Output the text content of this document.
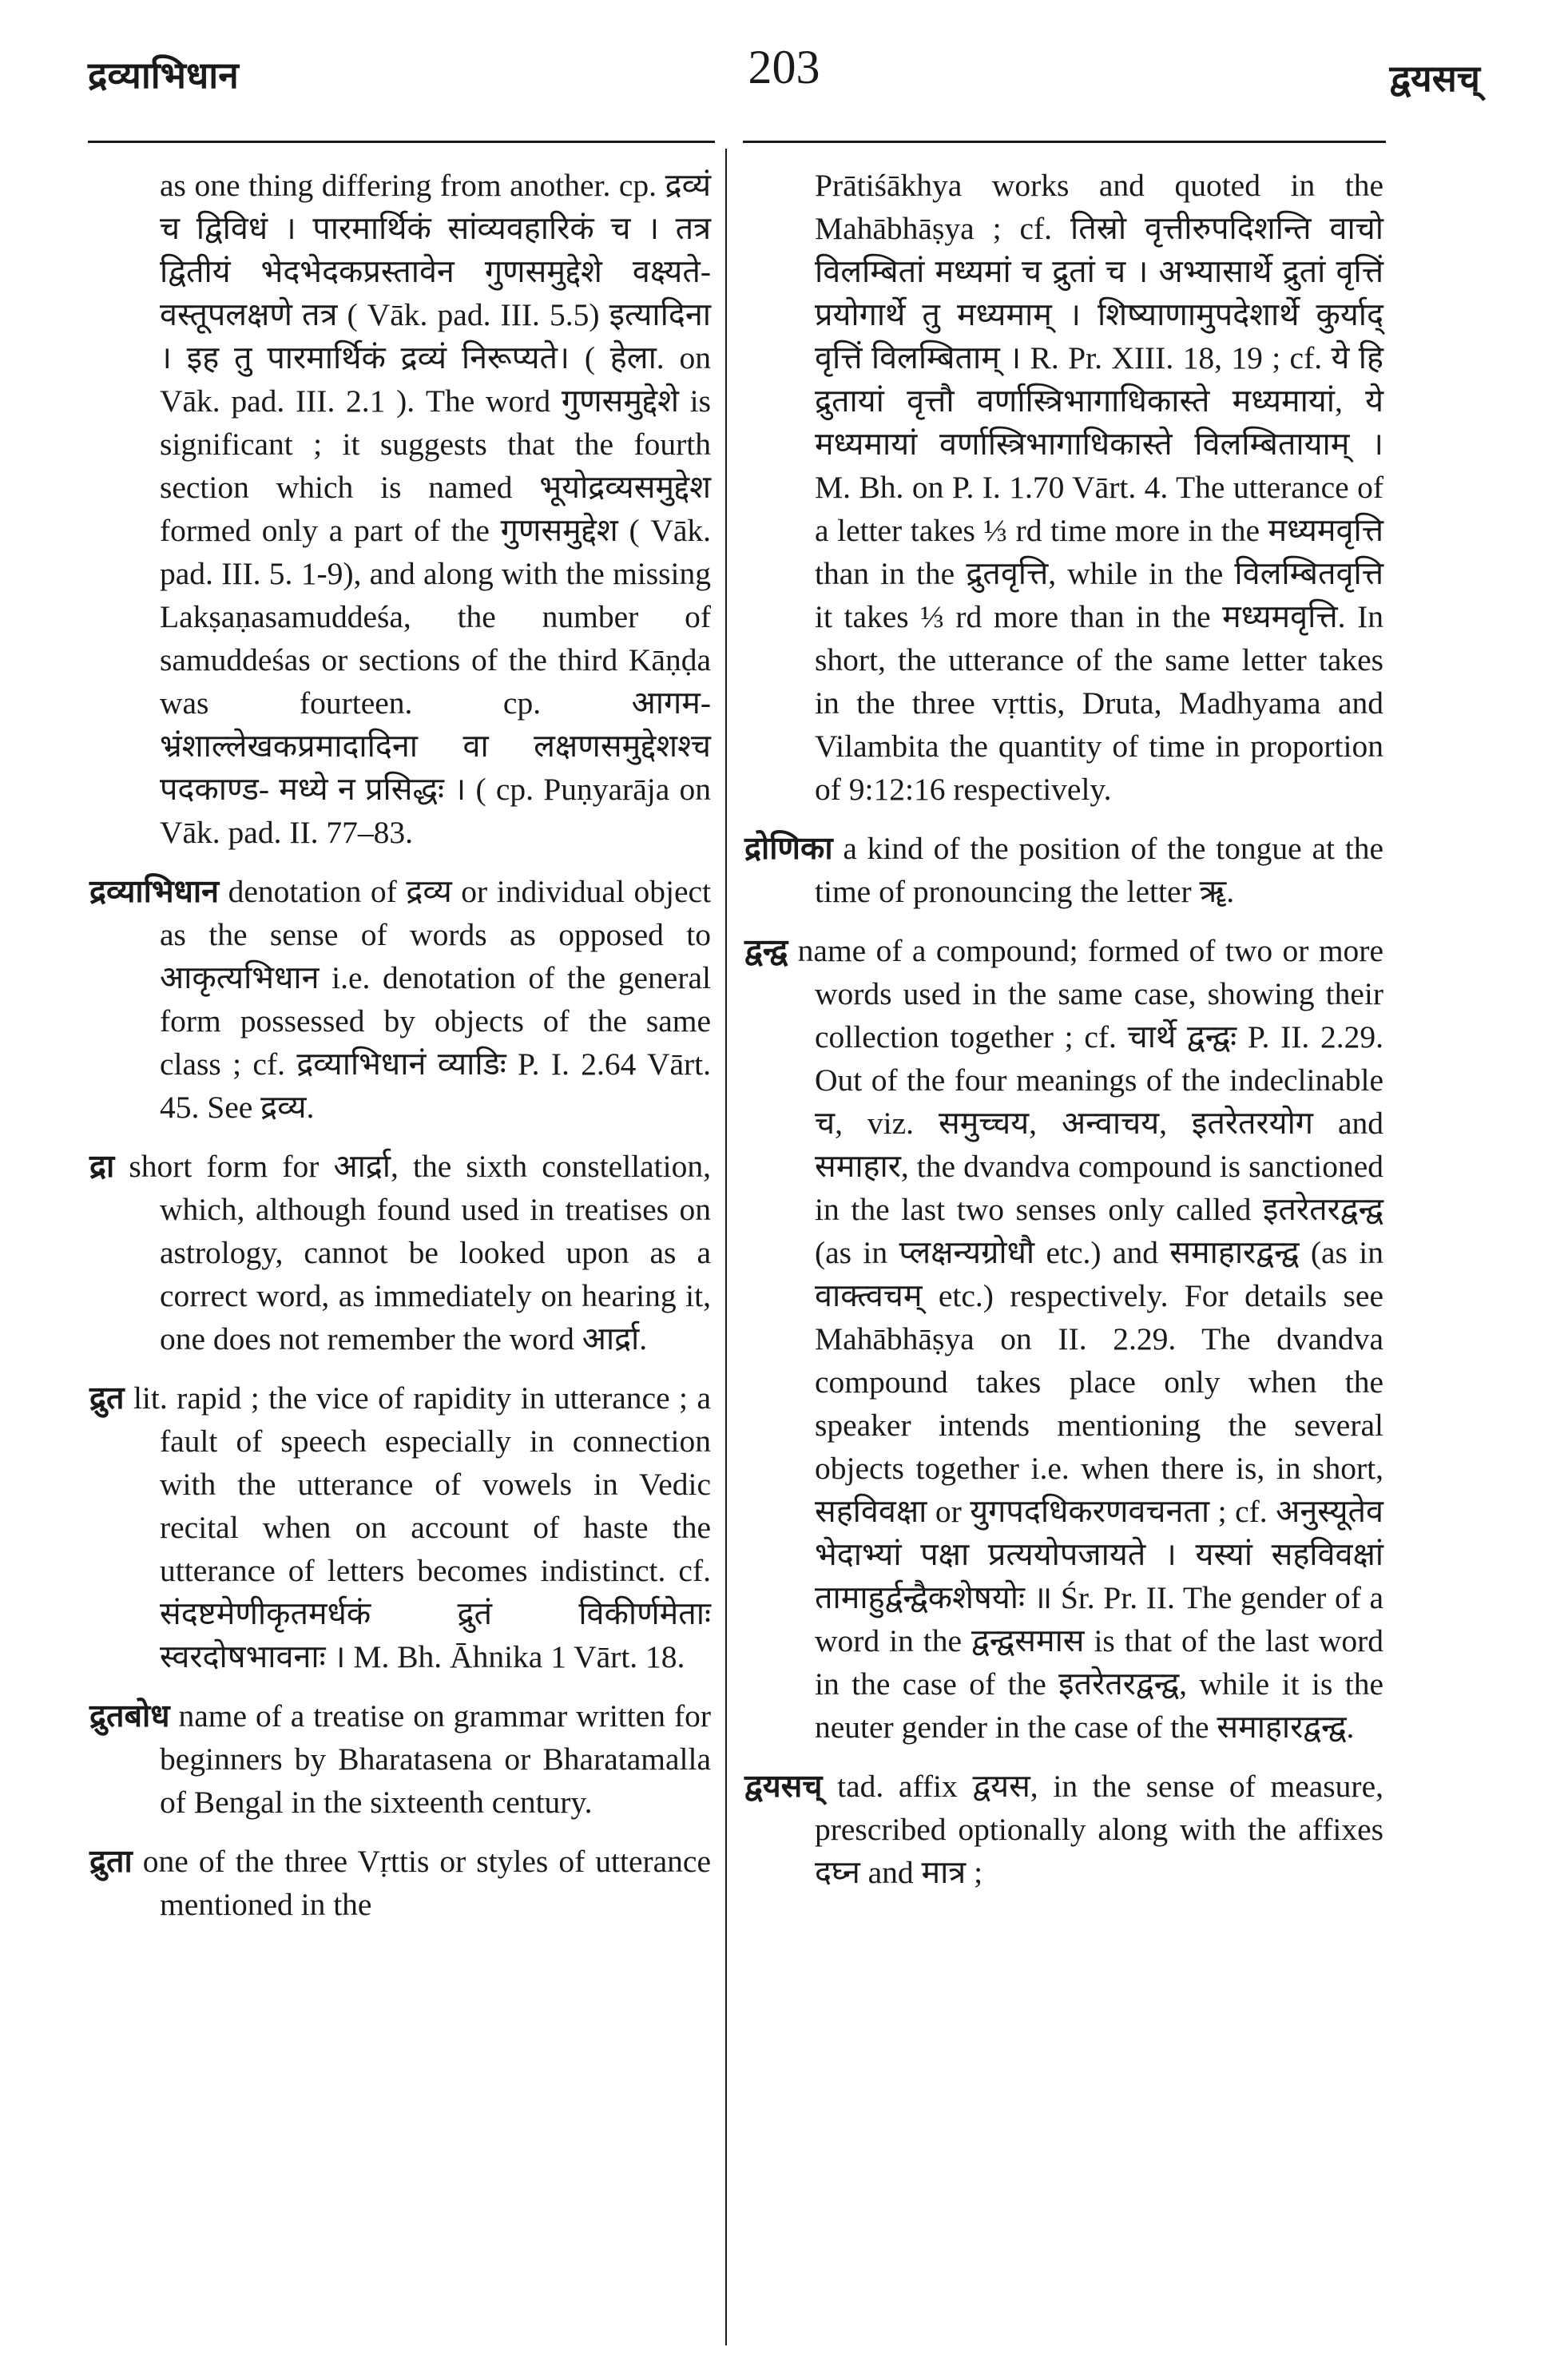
द्रव्याभिधान	203	द्वयसच्

as one thing differing from another. cp. द्रव्यं च द्विविधं । पारमार्थिकं सांव्यवहारिकं च । तत्र द्वितीयं भेदभेदकप्रस्तावेन गुणसमुद्देशे वक्ष्यते- वस्तूपलक्षणे तत्र ( Vāk. pad. III. 5.5) इत्यादिना । इह तु पारमार्थिकं द्रव्यं निरूप्यते। ( हेला. on Vāk. pad. III. 2.1 ). The word गुणसमुद्देशे is significant ; it suggests that the fourth section which is named भूयोद्रव्यसमुद्देश formed only a part of the गुणसमुद्देश ( Vāk. pad. III. 5. 1-9), and along with the missing Lakṣaṇasamuddeśa, the number of samuddeśas or sections of the third Kāṇḍa was fourteen. cp. आगम- भ्रंशाल्लेखकप्रमादादिना वा लक्षणसमुद्देशश्च पदकाण्ड- मध्ये न प्रसिद्धः । ( cp. Puṇyarāja on Vāk. pad. II. 77–83.

द्रव्याभिधान denotation of द्रव्य or individual object as the sense of words as opposed to आकृत्यभिधान i.e. denotation of the general form possessed by objects of the same class ; cf. द्रव्याभिधानं व्याडिः P. I. 2.64 Vārt. 45. See द्रव्य.

द्रा short form for आर्द्रा, the sixth constellation, which, although found used in treatises on astrology, cannot be looked upon as a correct word, as immediately on hearing it, one does not remember the word आर्द्रा.

द्रुत lit. rapid ; the vice of rapidity in utterance ; a fault of speech especially in connection with the utterance of vowels in Vedic recital when on account of haste the utterance of letters becomes indistinct. cf. संदष्टमेणीकृतमर्धकं द्रुतं विकीर्णमेताः स्वरदोषभावनाः । M. Bh. Āhnika 1 Vārt. 18.

द्रुतबोध name of a treatise on grammar written for beginners by Bharatasena or Bharatamalla of Bengal in the sixteenth century.

द्रुता one of the three Vṛttis or styles of utterance mentioned in the

Prātiśākhya works and quoted in the Mahābhāṣya ; cf. तिस्रो वृत्तीरुपदिशन्ति वाचो विलम्बितां मध्यमां च द्रुतां च । अभ्यासार्थे द्रुतां वृत्तिं प्रयोगार्थे तु मध्यमाम् । शिष्याणामुपदेशार्थे कुर्याद् वृत्तिं विलम्बिताम् । R. Pr. XIII. 18, 19 ; cf. ये हि द्रुतायां वृत्तौ वर्णास्त्रिभागाधिकास्ते मध्यमायां, ये मध्यमायां वर्णास्त्रिभागाधिकास्ते विलम्बितायाम् । M. Bh. on P. I. 1.70 Vārt. 4. The utterance of a letter takes ⅓ rd time more in the मध्यमवृत्ति than in the द्रुतवृत्ति, while in the विलम्बितवृत्ति it takes ⅓ rd more than in the मध्यमवृत्ति. In short, the utterance of the same letter takes in the three vṛttis, Druta, Madhyama and Vilambita the quantity of time in proportion of 9:12:16 respectively.

द्रोणिका a kind of the position of the tongue at the time of pronouncing the letter ॠ.

द्वन्द्व name of a compound; formed of two or more words used in the same case, showing their collection together ; cf. चार्थे द्वन्द्वः P. II. 2.29. Out of the four meanings of the indeclinable च, viz. समुच्चय, अन्वाचय, इतरेतरयोग and समाहार, the dvandva compound is sanctioned in the last two senses only called इतरेतरद्वन्द्व (as in प्लक्षन्यग्रोधौ etc.) and समाहारद्वन्द्व (as in वाक्त्वचम् etc.) respectively. For details see Mahābhāṣya on II. 2.29. The dvandva compound takes place only when the speaker intends mentioning the several objects together i.e. when there is, in short, सहविवक्षा or युगपदधिकरणवचनता ; cf. अनुस्यूतेव भेदाभ्यां पक्षा प्रत्ययोपजायते । यस्यां सहविवक्षां तामाहुर्द्वन्द्वैकशेषयोः ॥ Śr. Pr. II. The gender of a word in the द्वन्द्वसमास is that of the last word in the case of the इतरेतरद्वन्द्व, while it is the neuter gender in the case of the समाहारद्वन्द्व.

द्वयसच् tad. affix द्वयस, in the sense of measure, prescribed optionally along with the affixes दघ्न and मात्र ;
